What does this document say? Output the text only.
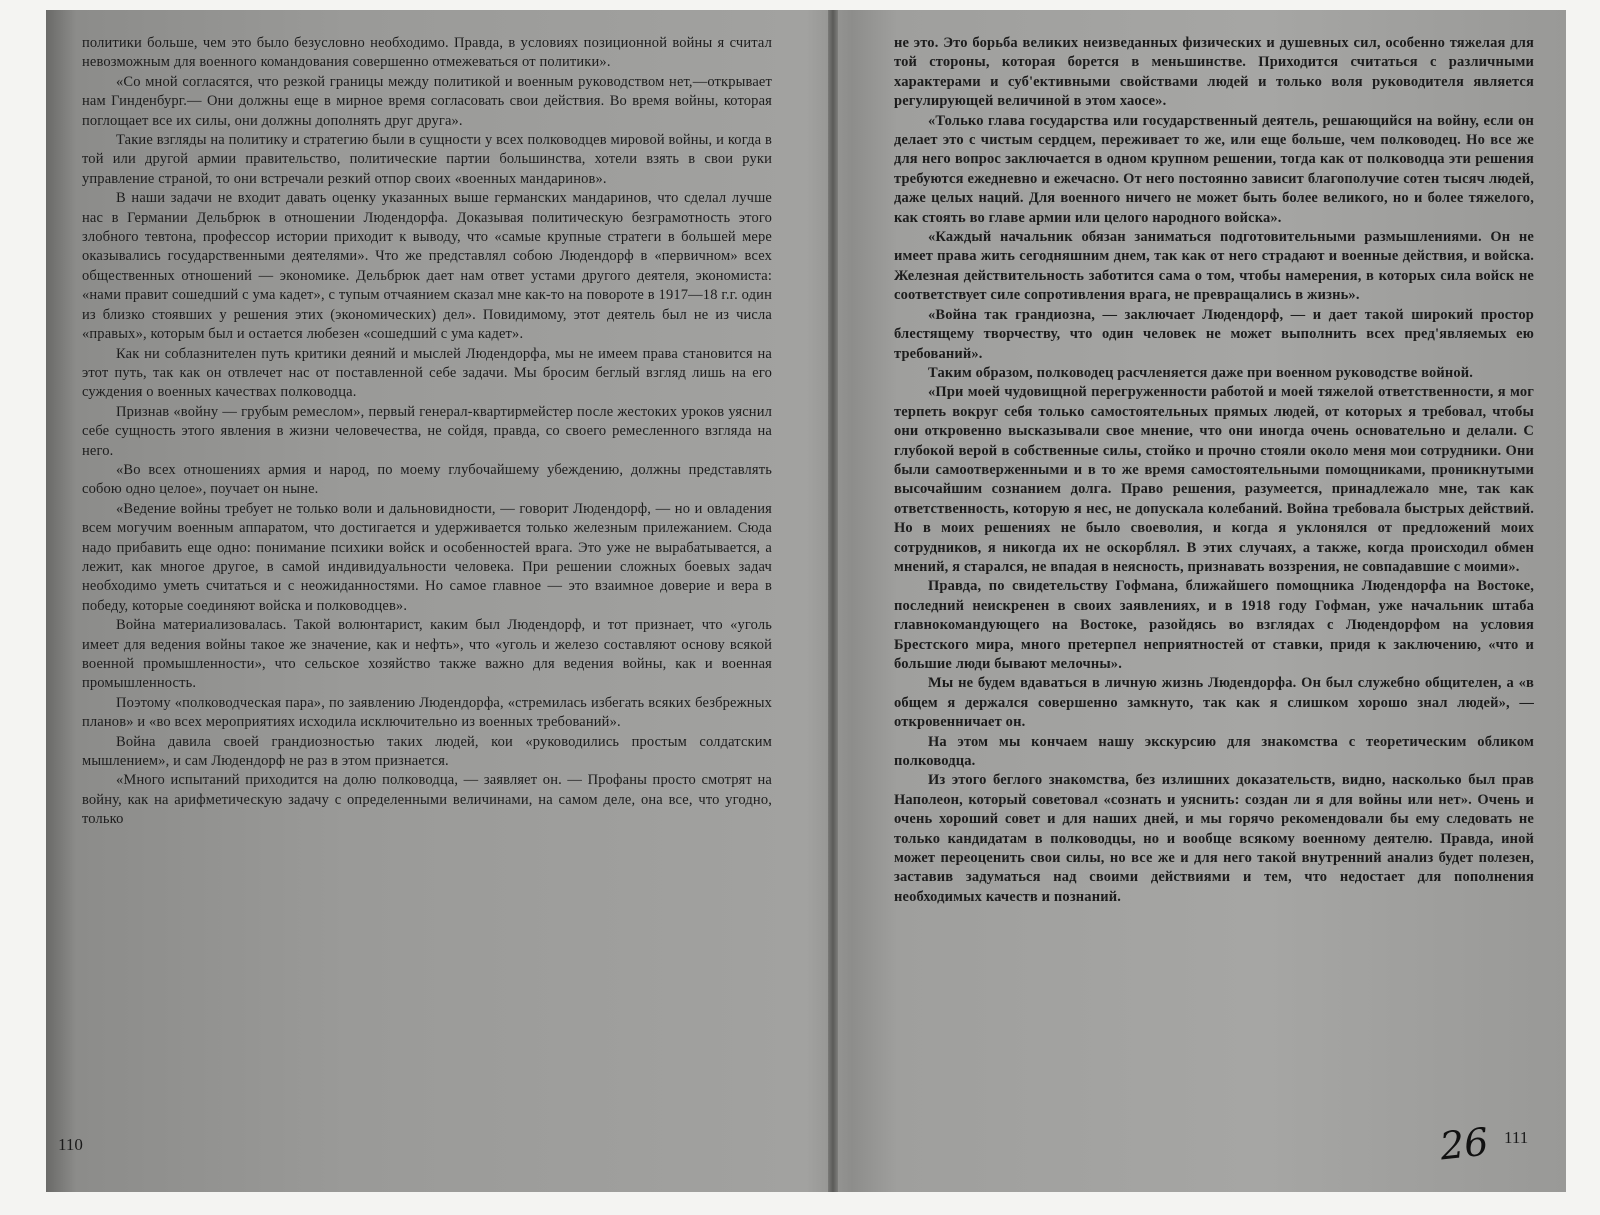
политики больше, чем это было безусловно необходимо. Правда, в условиях позиционной войны я считал невозможным для военного командования совершенно отмежеваться от политики».

«Со мной согласятся, что резкой границы между политикой и военным руководством нет,—открывает нам Гинденбург.— Они должны еще в мирное время согласовать свои действия. Во время войны, которая поглощает все их силы, они должны дополнять друг друга».

Такие взгляды на политику и стратегию были в сущности у всех полководцев мировой войны, и когда в той или другой армии правительство, политические партии большинства, хотели взять в свои руки управление страной, то они встречали резкий отпор своих «военных мандаринов».

В наши задачи не входит давать оценку указанных выше германских мандаринов, что сделал лучше нас в Германии Дельбрюк в отношении Людендорфа. Доказывая политическую безграмотность этого злобного тевтона, профессор истории приходит к выводу, что «самые крупные стратеги в большей мере оказывались государственными деятелями». Что же представлял собою Людендорф в «первичном» всех общественных отношений — экономике. Дельбрюк дает нам ответ устами другого деятеля, экономиста: «нами правит сошедший с ума кадет», с тупым отчаянием сказал мне как-то на повороте в 1917—18 г.г. один из близко стоявших у решения этих (экономических) дел». Повидимому, этот деятель был не из числа «правых», которым был и остается любезен «сошедший с ума кадет».

Как ни соблазнителен путь критики деяний и мыслей Людендорфа, мы не имеем права становится на этот путь, так как он отвлечет нас от поставленной себе задачи. Мы бросим беглый взгляд лишь на его суждения о военных качествах полководца.

Признав «войну — грубым ремеслом», первый генерал-квартирмейстер после жестоких уроков уяснил себе сущность этого явления в жизни человечества, не сойдя, правда, со своего ремесленного взгляда на него.

«Во всех отношениях армия и народ, по моему глубочайшему убеждению, должны представлять собою одно целое», поучает он ныне.

«Ведение войны требует не только воли и дальновидности, — говорит Людендорф, — но и овладения всем могучим военным аппаратом, что достигается и удерживается только железным прилежанием. Сюда надо прибавить еще одно: понимание психики войск и особенностей врага. Это уже не вырабатывается, а лежит, как многое другое, в самой индивидуальности человека. При решении сложных боевых задач необходимо уметь считаться и с неожиданностями. Но самое главное — это взаимное доверие и вера в победу, которые соединяют войска и полководцев».

Война материализовалась. Такой волюнтарист, каким был Людендорф, и тот признает, что «уголь имеет для ведения войны такое же значение, как и нефть», что «уголь и железо составляют основу всякой военной промышленности», что сельское хозяйство также важно для ведения войны, как и военная промышленность.

Поэтому «полководческая пара», по заявлению Людендорфа, «стремилась избегать всяких безбрежных планов» и «во всех мероприятиях исходила исключительно из военных требований».

Война давила своей грандиозностью таких людей, кои «руководились простым солдатским мышлением», и сам Людендорф не раз в этом признается.

«Много испытаний приходится на долю полководца, — заявляет он. — Профаны просто смотрят на войну, как на арифметическую задачу с определенными величинами, на самом деле, она все, что угодно, только

не это. Это борьба великих неизведанных физических и душевных сил, особенно тяжелая для той стороны, которая борется в меньшинстве. Приходится считаться с различными характерами и суб'ективными свойствами людей и только воля руководителя является регулирующей величиной в этом хаосе».

«Только глава государства или государственный деятель, решающийся на войну, если он делает это с чистым сердцем, переживает то же, или еще больше, чем полководец. Но все же для него вопрос заключается в одном крупном решении, тогда как от полководца эти решения требуются ежедневно и ежечасно. От него постоянно зависит благополучие сотен тысяч людей, даже целых наций. Для военного ничего не может быть более великого, но и более тяжелого, как стоять во главе армии или целого народного войска».

«Каждый начальник обязан заниматься подготовительными размышлениями. Он не имеет права жить сегодняшним днем, так как от него страдают и военные действия, и войска. Железная действительность заботится сама о том, чтобы намерения, в которых сила войск не соответствует силе сопротивления врага, не превращались в жизнь».

«Война так грандиозна, — заключает Людендорф, — и дает такой широкий простор блестящему творчеству, что один человек не может выполнить всех пред'являемых ею требований».

Таким образом, полководец расчленяется даже при военном руководстве войной.

«При моей чудовищной перегруженности работой и моей тяжелой ответственности, я мог терпеть вокруг себя только самостоятельных прямых людей, от которых я требовал, чтобы они откровенно высказывали свое мнение, что они иногда очень основательно и делали. С глубокой верой в собственные силы, стойко и прочно стояли около меня мои сотрудники. Они были самоотверженными и в то же время самостоятельными помощниками, проникнутыми высочайшим сознанием долга. Право решения, разумеется, принадлежало мне, так как ответственность, которую я нес, не допускала колебаний. Война требовала быстрых действий. Но в моих решениях не было своеволия, и когда я уклонялся от предложений моих сотрудников, я никогда их не оскорблял. В этих случаях, а также, когда происходил обмен мнений, я старался, не впадая в неясность, признавать воззрения, не совпадавшие с моими».

Правда, по свидетельству Гофмана, ближайшего помощника Людендорфа на Востоке, последний неискренен в своих заявлениях, и в 1918 году Гофман, уже начальник штаба главнокомандующего на Востоке, разойдясь во взглядах с Людендорфом на условия Брестского мира, много претерпел неприятностей от ставки, придя к заключению, «что и большие люди бывают мелочны».

Мы не будем вдаваться в личную жизнь Людендорфа. Он был служебно общителен, а «в общем я держался совершенно замкнуто, так как я слишком хорошо знал людей», — откровенничает он.

На этом мы кончаем нашу экскурсию для знакомства с теоретическим обликом полководца.

Из этого беглого знакомства, без излишних доказательств, видно, насколько был прав Наполеон, который советовал «сознать и уяснить: создан ли я для войны или нет». Очень и очень хороший совет и для наших дней, и мы горячо рекомендовали бы ему следовать не только кандидатам в полководцы, но и вообще всякому военному деятелю. Правда, иной может переоценить свои силы, но все же и для него такой внутренний анализ будет полезен, заставив задуматься над своими действиями и тем, что недостает для пополнения необходимых качеств и познаний.

110	111
26
